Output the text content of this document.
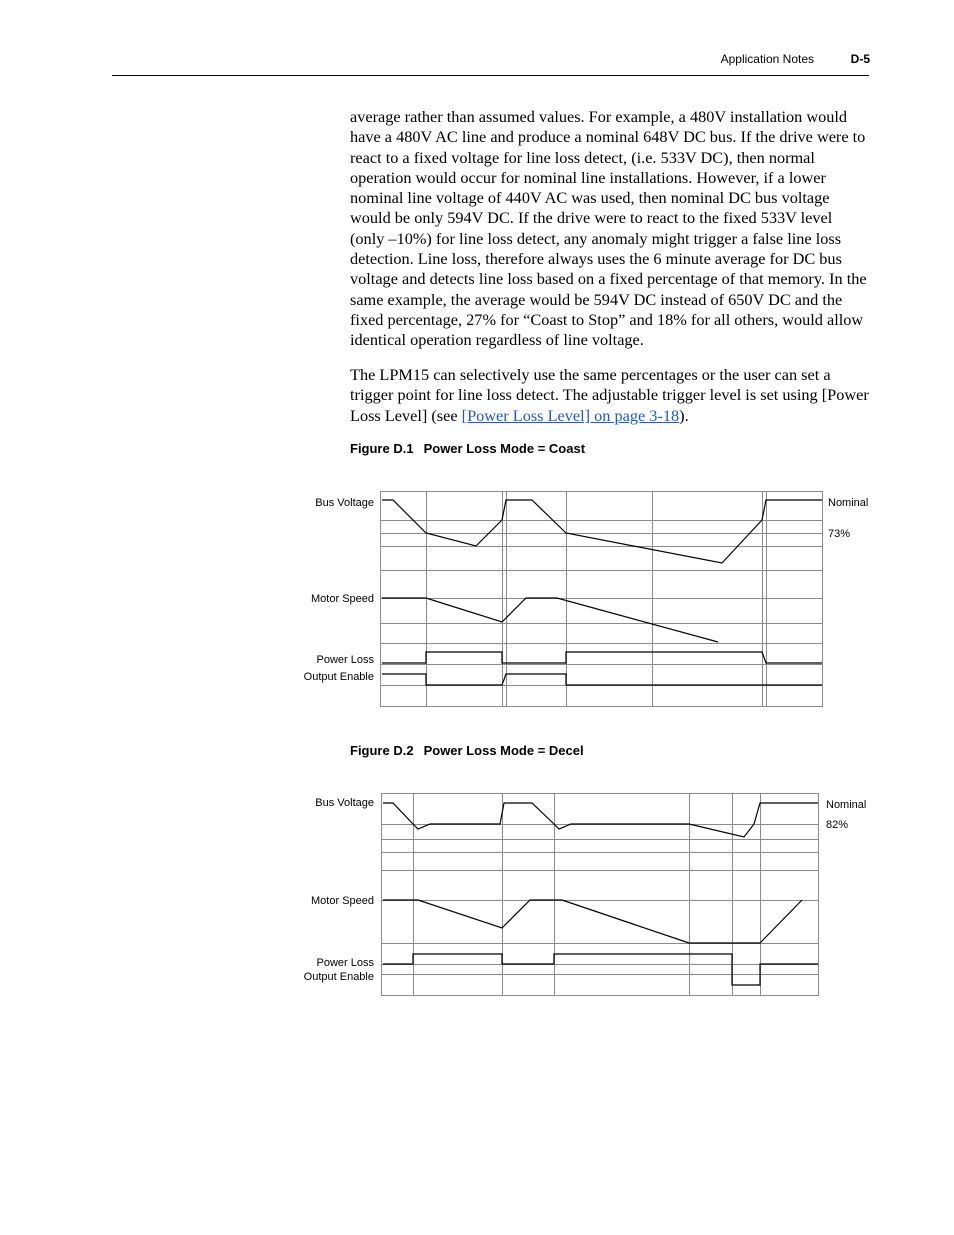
Application Notes	D-5

average rather than assumed values. For example, a 480V installation would have a 480V AC line and produce a nominal 648V DC bus. If the drive were to react to a fixed voltage for line loss detect, (i.e. 533V DC), then normal operation would occur for nominal line installations. However, if a lower nominal line voltage of 440V AC was used, then nominal DC bus voltage would be only 594V DC. If the drive were to react to the fixed 533V level (only –10%) for line loss detect, any anomaly might trigger a false line loss detection. Line loss, therefore always uses the 6 minute average for DC bus voltage and detects line loss based on a fixed percentage of that memory. In the same example, the average would be 594V DC instead of 650V DC and the fixed percentage, 27% for “Coast to Stop” and 18% for all others, would allow identical operation regardless of line voltage.

The LPM15 can selectively use the same percentages or the user can set a trigger point for line loss detect. The adjustable trigger level is set using [Power Loss Level] (see [Power Loss Level] on page 3-18).

Figure D.1 Power Loss Mode = Coast

Bus Voltage
Motor Speed
Power Loss
Output Enable
Nominal
73%

Figure D.2 Power Loss Mode = Decel

Bus Voltage
Motor Speed
Power Loss
Output Enable
Nominal
82%
